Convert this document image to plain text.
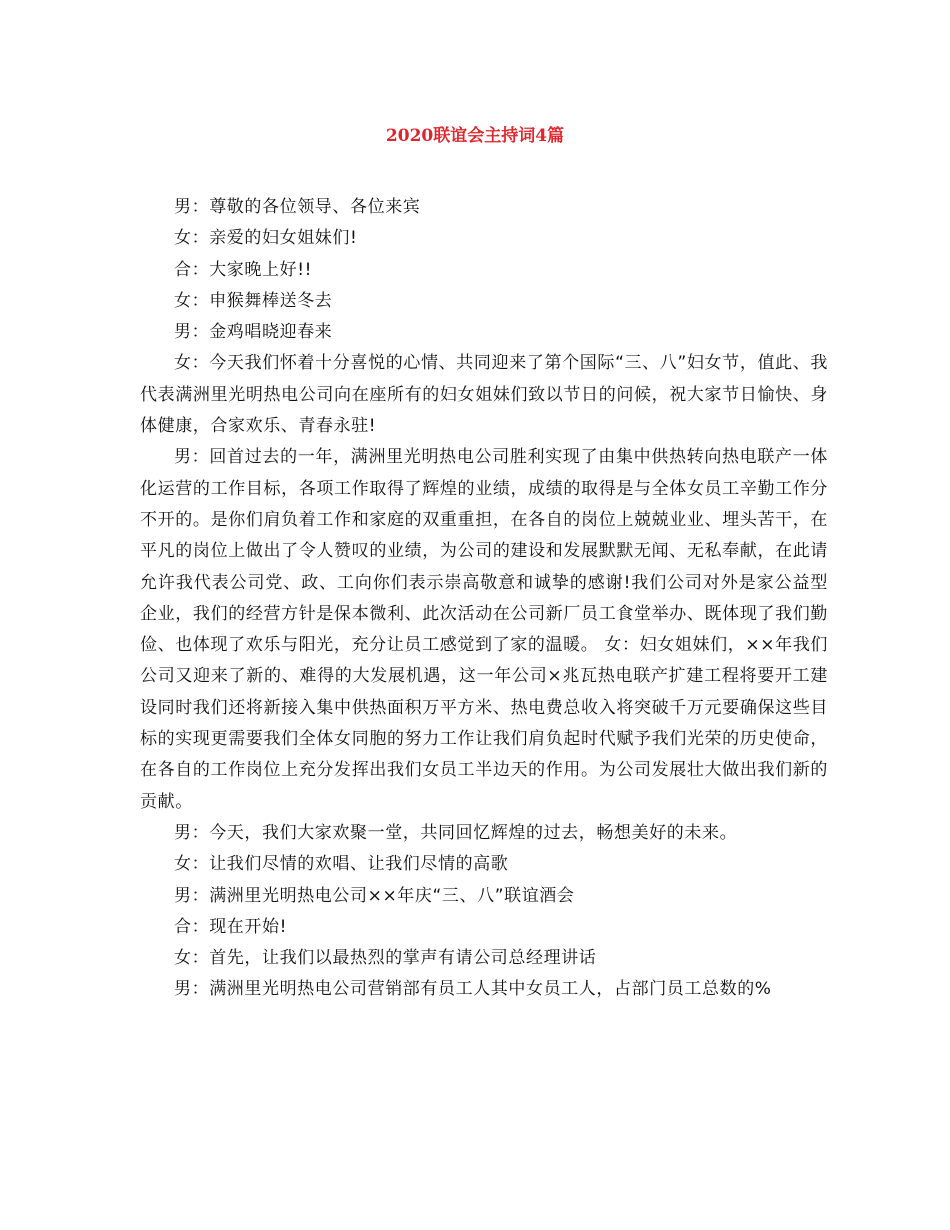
2020联谊会主持词4篇

男：尊敬的各位领导、各位来宾

女：亲爱的妇女姐妹们!

合：大家晚上好!!

女：申猴舞棒送冬去

男：金鸡唱晓迎春来

女：今天我们怀着十分喜悦的心情、共同迎来了第个国际“三、八”妇女节，值此、我代表满洲里光明热电公司向在座所有的妇女姐妹们致以节日的问候，祝大家节日愉快、身体健康，合家欢乐、青春永驻!

男：回首过去的一年，满洲里光明热电公司胜利实现了由集中供热转向热电联产一体化运营的工作目标，各项工作取得了辉煌的业绩，成绩的取得是与全体女员工辛勤工作分不开的。是你们肩负着工作和家庭的双重重担，在各自的岗位上兢兢业业、埋头苦干，在平凡的岗位上做出了令人赞叹的业绩，为公司的建设和发展默默无闻、无私奉献，在此请允许我代表公司党、政、工向你们表示崇高敬意和诚挚的感谢!我们公司对外是家公益型企业，我们的经营方针是保本微利、此次活动在公司新厂员工食堂举办、既体现了我们勤俭、也体现了欢乐与阳光，充分让员工感觉到了家的温暖。 女：妇女姐妹们，××年我们公司又迎来了新的、难得的大发展机遇，这一年公司×兆瓦热电联产扩建工程将要开工建设同时我们还将新接入集中供热面积万平方米、热电费总收入将突破千万元要确保这些目标的实现更需要我们全体女同胞的努力工作让我们肩负起时代赋予我们光荣的历史使命，在各自的工作岗位上充分发挥出我们女员工半边天的作用。为公司发展壮大做出我们新的贡献。

男：今天，我们大家欢聚一堂，共同回忆辉煌的过去，畅想美好的未来。

女：让我们尽情的欢唱、让我们尽情的高歌

男：满洲里光明热电公司××年庆“三、八”联谊酒会

合：现在开始!

女：首先，让我们以最热烈的掌声有请公司总经理讲话

男：满洲里光明热电公司营销部有员工人其中女员工人，占部门员工总数的%
